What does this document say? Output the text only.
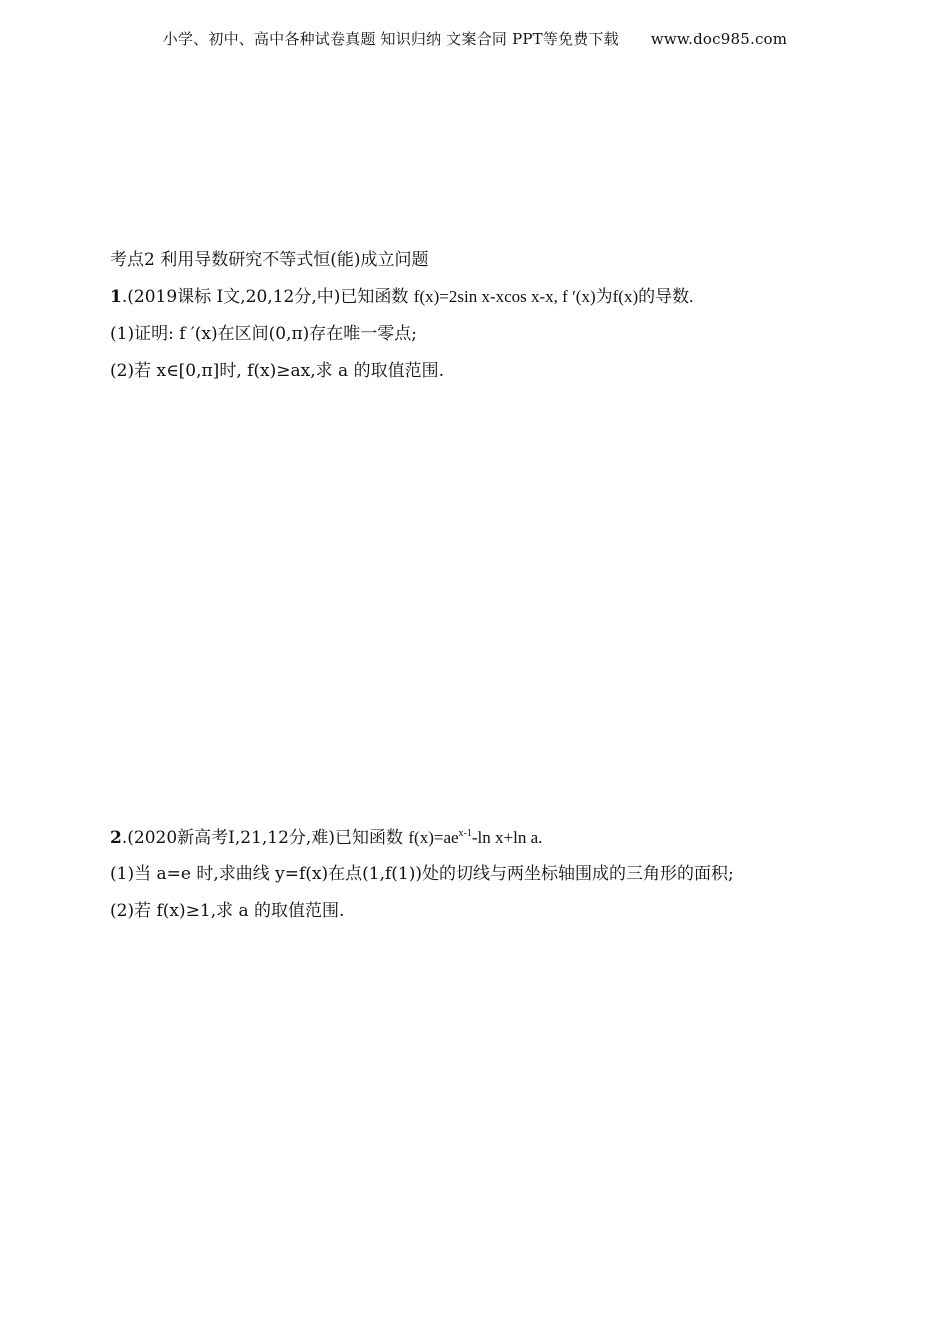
小学、初中、高中各种试卷真题 知识归纳 文案合同 PPT等免费下载 www.doc985.com
考点2 利用导数研究不等式恒(能)成立问题
1.(2019课标 Ⅰ文,20,12分,中)已知函数 f(x)=2sin x-xcos x-x, f ′(x)为f(x)的导数.
(1)证明: f ′(x)在区间(0,π)存在唯一零点;
(2)若 x∈[0,π]时, f(x)≥ax,求 a 的取值范围.
2.(2020新高考Ⅰ,21,12分,难)已知函数 $f(x)=ae^{x-1}-\ln$ x+ln a.
(1)当 a=e 时,求曲线 y=f(x)在点(1,f(1))处的切线与两坐标轴围成的三角形的面积;
(2)若 f(x)≥1,求 a 的取值范围.
